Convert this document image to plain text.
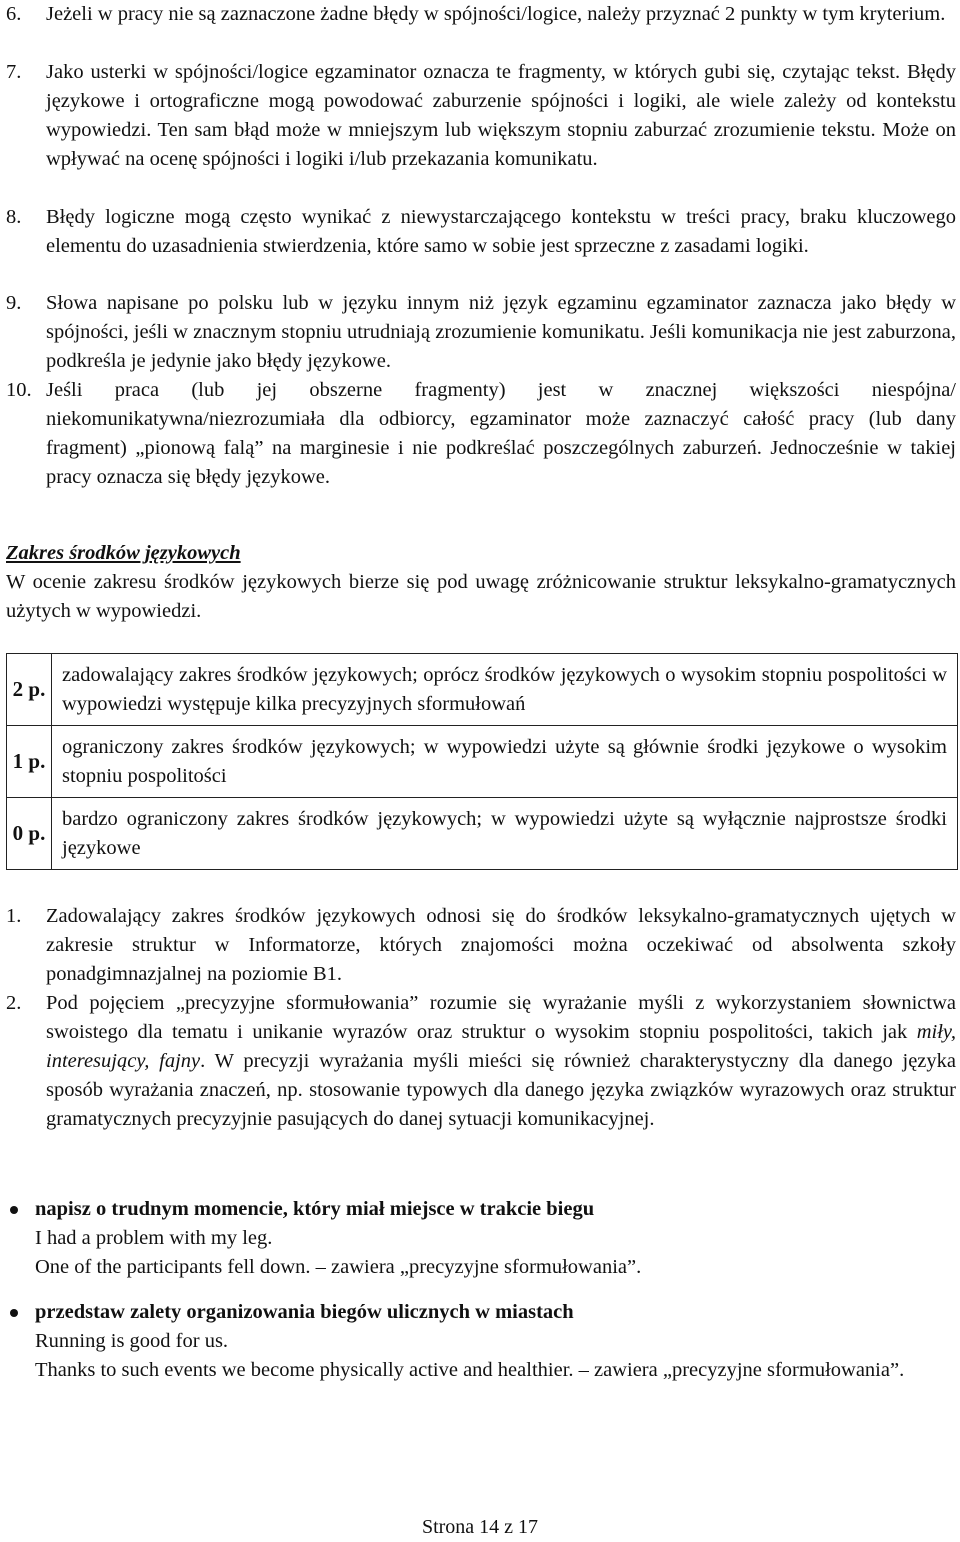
6. Jeżeli w pracy nie są zaznaczone żadne błędy w spójności/logice, należy przyznać 2 punkty w tym kryterium.
7. Jako usterki w spójności/logice egzaminator oznacza te fragmenty, w których gubi się, czytając tekst. Błędy językowe i ortograficzne mogą powodować zaburzenie spójności i logiki, ale wiele zależy od kontekstu wypowiedzi. Ten sam błąd może w mniejszym lub większym stopniu zaburzać zrozumienie tekstu. Może on wpływać na ocenę spójności i logiki i/lub przekazania komunikatu.
8. Błędy logiczne mogą często wynikać z niewystarczającego kontekstu w treści pracy, braku kluczowego elementu do uzasadnienia stwierdzenia, które samo w sobie jest sprzeczne z zasadami logiki.
9. Słowa napisane po polsku lub w języku innym niż język egzaminu egzaminator zaznacza jako błędy w spójności, jeśli w znacznym stopniu utrudniają zrozumienie komunikatu. Jeśli komunikacja nie jest zaburzona, podkreśla je jedynie jako błędy językowe.
10. Jeśli praca (lub jej obszerne fragmenty) jest w znacznej większości niespójna/ niekomunikatywna/niezrozumiała dla odbiorcy, egzaminator może zaznaczyć całość pracy (lub dany fragment) „pionową falą” na marginesie i nie podkreślać poszczególnych zaburzeń. Jednocześnie w takiej pracy oznacza się błędy językowe.
Zakres środków językowych
W ocenie zakresu środków językowych bierze się pod uwagę zróżnicowanie struktur leksykalno-gramatycznych użytych w wypowiedzi.
2 p.	zadowalający zakres środków językowych; oprócz środków językowych o wysokim stopniu pospolitości w wypowiedzi występuje kilka precyzyjnych sformułowań
1 p.	ograniczony zakres środków językowych; w wypowiedzi użyte są głównie środki językowe o wysokim stopniu pospolitości
0 p.	bardzo ograniczony zakres środków językowych; w wypowiedzi użyte są wyłącznie najprostsze środki językowe
1. Zadowalający zakres środków językowych odnosi się do środków leksykalno-gramatycznych ujętych w zakresie struktur w Informatorze, których znajomości można oczekiwać od absolwenta szkoły ponadgimnazjalnej na poziomie B1.
2. Pod pojęciem „precyzyjne sformułowania” rozumie się wyrażanie myśli z wykorzystaniem słownictwa swoistego dla tematu i unikanie wyrazów oraz struktur o wysokim stopniu pospolitości, takich jak miły, interesujący, fajny. W precyzji wyrażania myśli mieści się również charakterystyczny dla danego języka sposób wyrażania znaczeń, np. stosowanie typowych dla danego języka związków wyrazowych oraz struktur gramatycznych precyzyjnie pasujących do danej sytuacji komunikacyjnej.
napisz o trudnym momencie, który miał miejsce w trakcie biegu
I had a problem with my leg.
One of the participants fell down. – zawiera „precyzyjne sformułowania”.
przedstaw zalety organizowania biegów ulicznych w miastach
Running is good for us.
Thanks to such events we become physically active and healthier. – zawiera „precyzyjne sformułowania”.
Strona 14 z 17
